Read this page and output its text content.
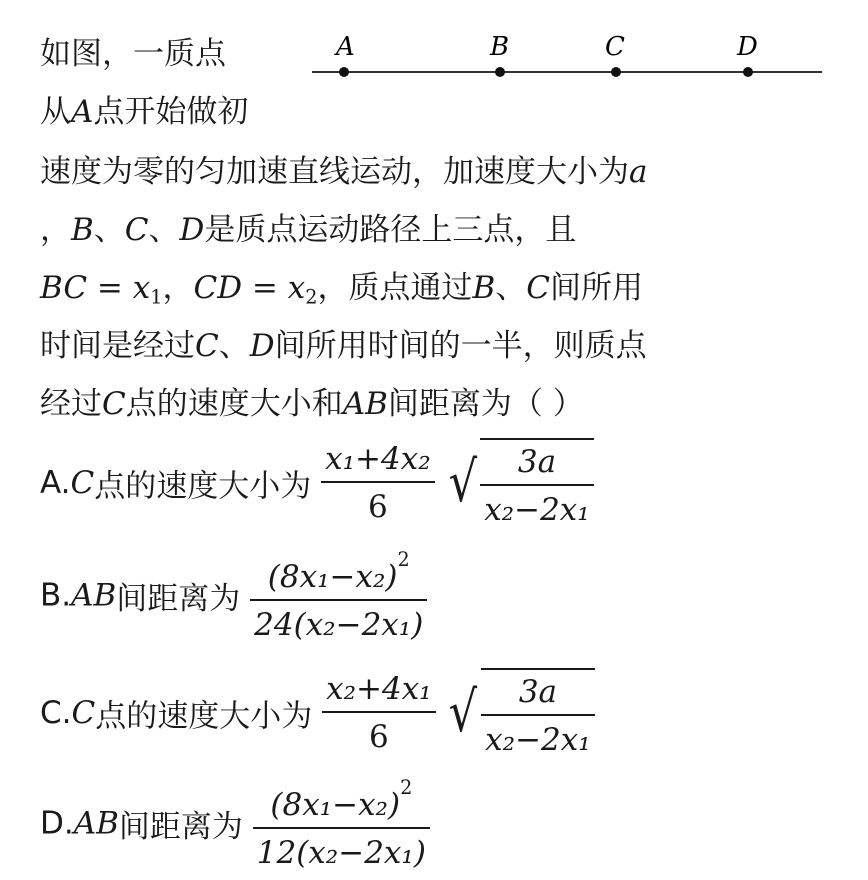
A	B	C	D
如图，一质点
从A点开始做初
速度为零的匀加速直线运动，加速度大小为a
，B、C、D是质点运动路径上三点，且
BC = $x_1$，CD = $x_2$，质点通过B、C间所用
时间是经过C、D间所用时间的一半，则质点
经过C点的速度大小和AB间距离为（ ）
A.C点的速度大小为 $\frac{\text{x₁+4x₂}}{6}$ √ $\frac{3a}{\text{x₂−2x₁}}$
B.AB间距离为 $\frac{(8x_1-x_2)^2}{\text{24(x₂−2x₁)}}$
C.C点的速度大小为 $\frac{\text{x₂+4x₁}}{6}$ √ $\frac{3a}{\text{x₂−2x₁}}$
D.AB间距离为 $\frac{(8x_1-x_2)^2}{\text{12(x₂−2x₁)}}$
